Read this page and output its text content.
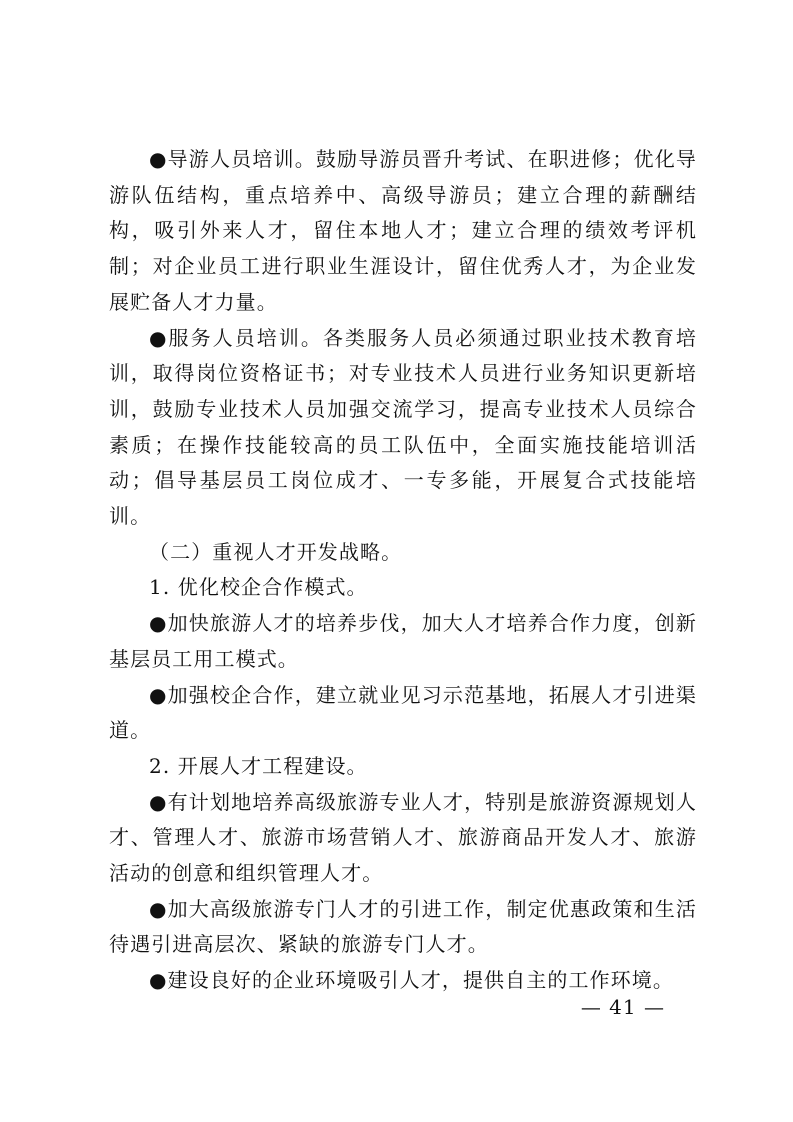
●导游人员培训。鼓励导游员晋升考试、在职进修；优化导游队伍结构，重点培养中、高级导游员；建立合理的薪酬结构，吸引外来人才，留住本地人才；建立合理的绩效考评机制；对企业员工进行职业生涯设计，留住优秀人才，为企业发展贮备人才力量。

●服务人员培训。各类服务人员必须通过职业技术教育培训，取得岗位资格证书；对专业技术人员进行业务知识更新培训，鼓励专业技术人员加强交流学习，提高专业技术人员综合素质；在操作技能较高的员工队伍中，全面实施技能培训活动；倡导基层员工岗位成才、一专多能，开展复合式技能培训。

（二）重视人才开发战略。

1. 优化校企合作模式。

●加快旅游人才的培养步伐，加大人才培养合作力度，创新基层员工用工模式。

●加强校企合作，建立就业见习示范基地，拓展人才引进渠道。

2. 开展人才工程建设。

●有计划地培养高级旅游专业人才，特别是旅游资源规划人才、管理人才、旅游市场营销人才、旅游商品开发人才、旅游活动的创意和组织管理人才。

●加大高级旅游专门人才的引进工作，制定优惠政策和生活待遇引进高层次、紧缺的旅游专门人才。

●建设良好的企业环境吸引人才，提供自主的工作环境。

— 41 —
